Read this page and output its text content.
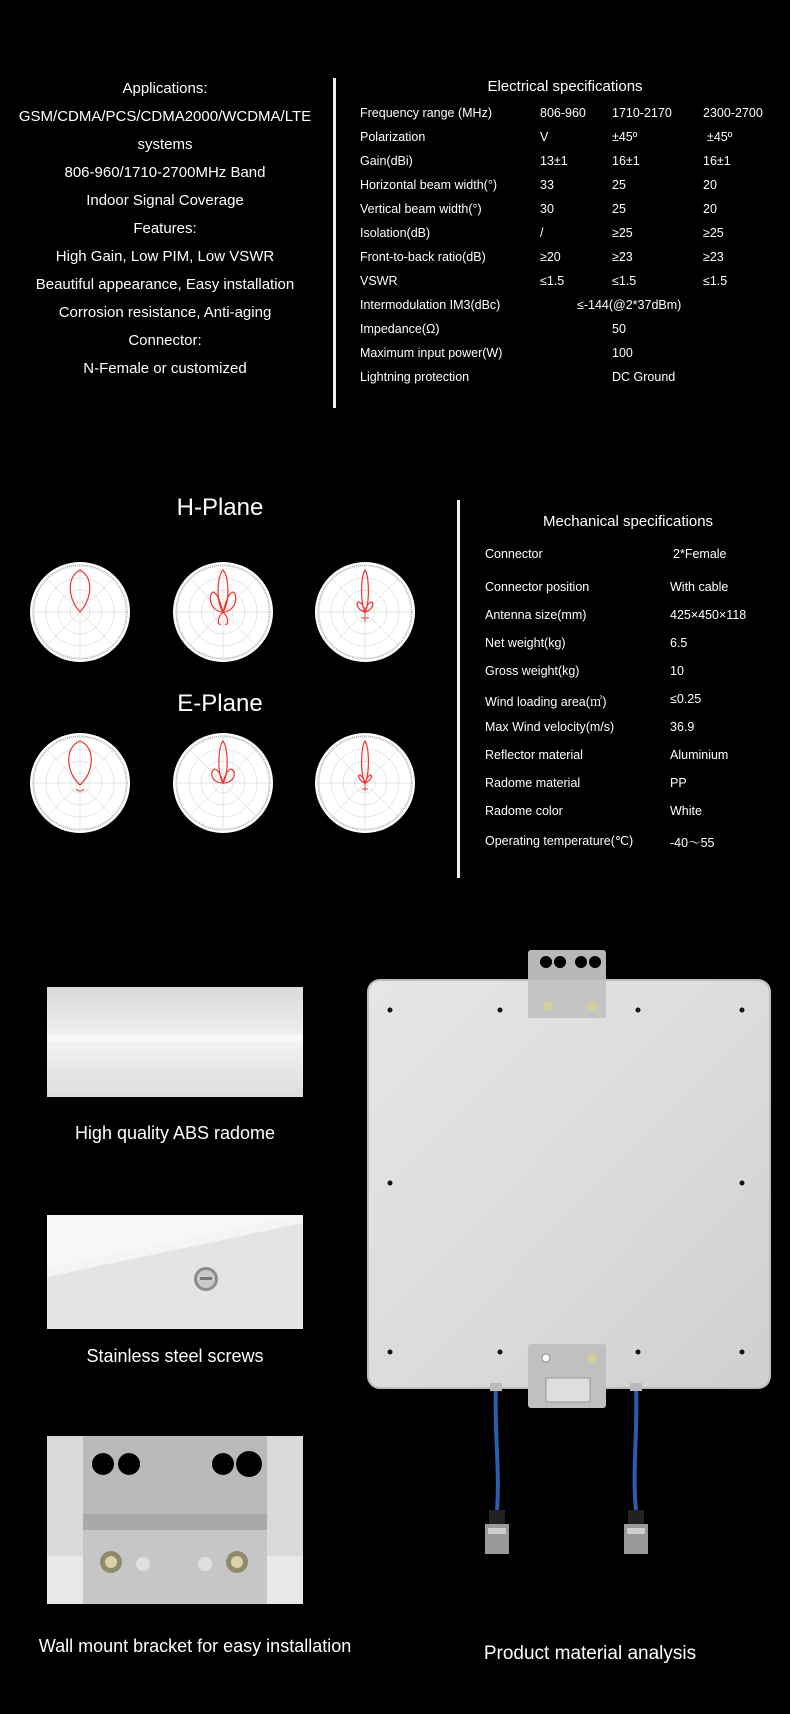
Applications:
GSM/CDMA/PCS/CDMA2000/WCDMA/LTE
systems
806-960/1710-2700MHz Band
Indoor Signal Coverage
Features:
High Gain, Low PIM, Low VSWR
Beautiful appearance, Easy installation
Corrosion resistance, Anti-aging
Connector:
N-Female or customized
Electrical specifications
Frequency range (MHz)	806-960 1710-2170 2300-2700
Polarization	V	±45º	±45º
Gain(dBi)	13±1	16±1	16±1
Horizontal beam width(°)	33	25	20
Vertical beam width(°)	30	25	20
Isolation(dB)	/	≥25	≥25
Front-to-back ratio(dB)	≥20	≥23	≥23
VSWR	≤1.5	≤1.5	≤1.5
Intermodulation IM3(dBc)	≤-144(@2*37dBm)
Impedance(Ω)	50
Maximum input power(W)	100
Lightning protection	DC Ground
H-Plane
E-Plane
Mechanical specifications
Connector	2*Female
Connector position	With cable
Antenna size(mm)	425×450×118
Net weight(kg)	6.5
Gross weight(kg)	10
Wind loading area(㎡)	≤0.25
Max Wind velocity(m/s)	36.9
Reflector material	Aluminium
Radome material	PP
Radome color	White
Operating temperature(℃)	-40～55
High quality ABS radome
Stainless steel screws
Wall mount bracket for easy installation	Product material analysis
